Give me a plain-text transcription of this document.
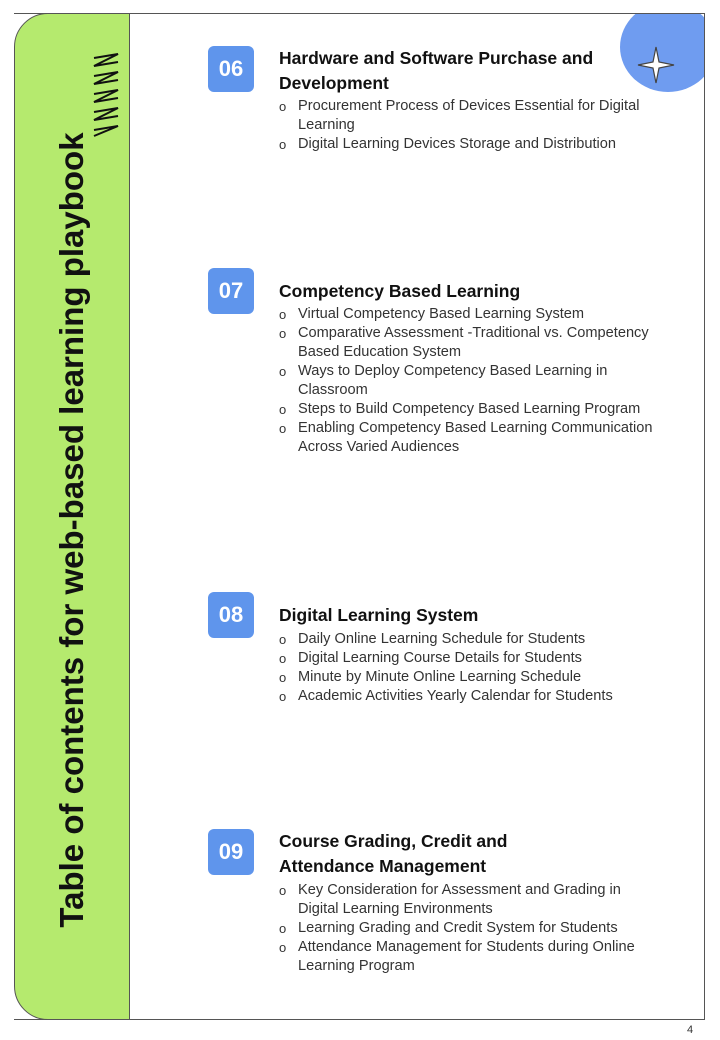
Table of contents for web-based learning playbook
06	Hardware and Software Purchase and Development
o Procurement Process of Devices Essential for Digital Learning
o Digital Learning Devices Storage and Distribution
07	Competency Based Learning
o Virtual Competency Based Learning System
o Comparative Assessment -Traditional vs. Competency Based Education System
o Ways to Deploy Competency Based Learning in Classroom
o Steps to Build Competency Based Learning Program
o Enabling Competency Based Learning Communication Across Varied Audiences
08	Digital Learning System
o Daily Online Learning Schedule for Students
o Digital Learning Course Details for Students
o Minute by Minute Online Learning Schedule
o Academic Activities Yearly Calendar for Students
09	Course Grading, Credit and Attendance Management
o Key Consideration for Assessment and Grading in Digital Learning Environments
o Learning Grading and Credit System for Students
o Attendance Management for Students during Online Learning Program
4
